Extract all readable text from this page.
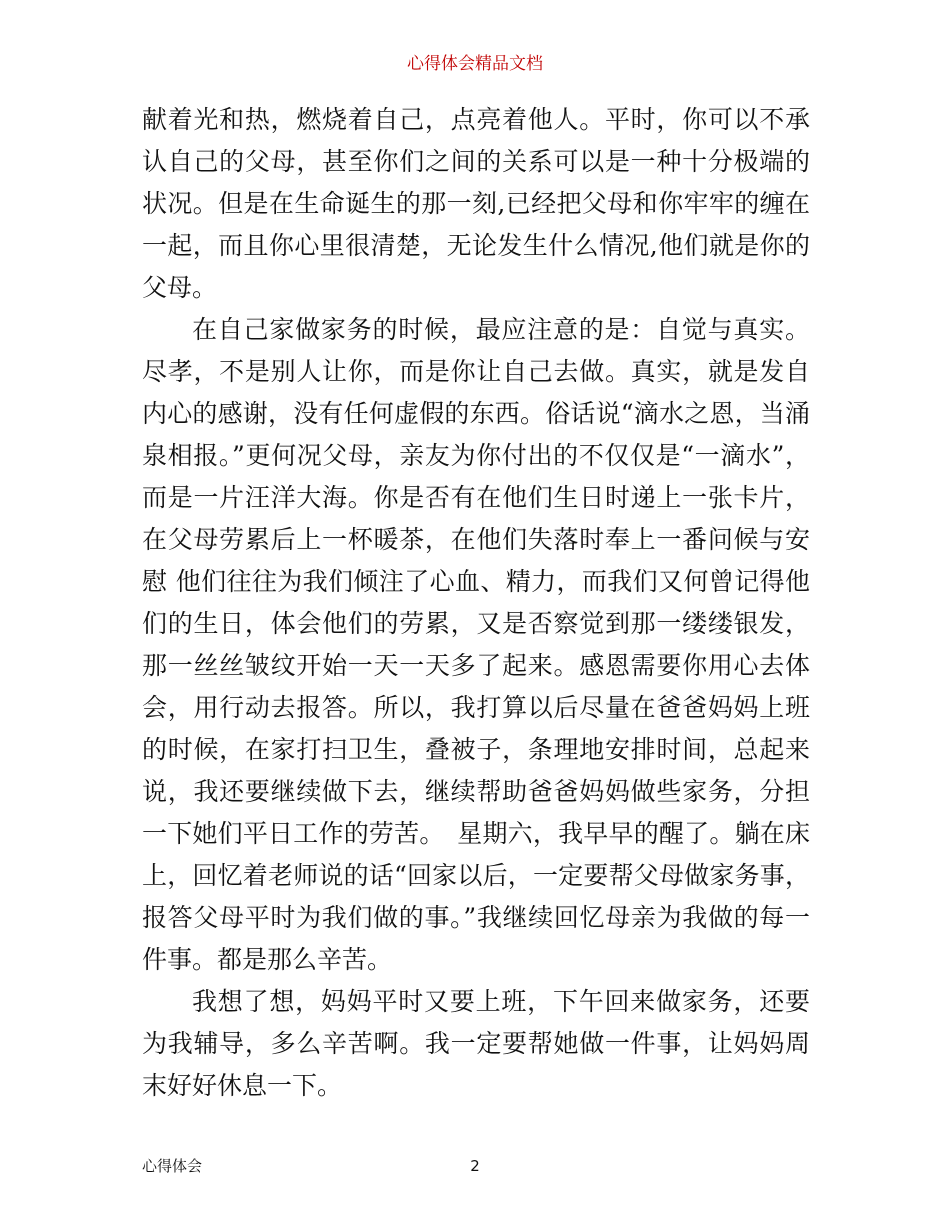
心得体会精品文档

献着光和热，燃烧着自己，点亮着他人。平时，你可以不承认自己的父母，甚至你们之间的关系可以是一种十分极端的状况。但是在生命诞生的那一刻,已经把父母和你牢牢的缠在一起，而且你心里很清楚，无论发生什么情况,他们就是你的父母。

在自己家做家务的时候，最应注意的是：自觉与真实。尽孝，不是别人让你，而是你让自己去做。真实，就是发自内心的感谢，没有任何虚假的东西。俗话说“滴水之恩，当涌泉相报。”更何况父母，亲友为你付出的不仅仅是“一滴水”，而是一片汪洋大海。你是否有在他们生日时递上一张卡片，在父母劳累后上一杯暖茶，在他们失落时奉上一番问候与安慰 他们往往为我们倾注了心血、精力，而我们又何曾记得他们的生日，体会他们的劳累，又是否察觉到那一缕缕银发，那一丝丝皱纹开始一天一天多了起来。感恩需要你用心去体会，用行动去报答。所以，我打算以后尽量在爸爸妈妈上班的时候，在家打扫卫生，叠被子，条理地安排时间，总起来说，我还要继续做下去，继续帮助爸爸妈妈做些家务，分担一下她们平日工作的劳苦。　星期六，我早早的醒了。躺在床上，回忆着老师说的话“回家以后，一定要帮父母做家务事，报答父母平时为我们做的事。”我继续回忆母亲为我做的每一件事。都是那么辛苦。

我想了想，妈妈平时又要上班，下午回来做家务，还要为我辅导，多么辛苦啊。我一定要帮她做一件事，让妈妈周末好好休息一下。

心得体会	2
